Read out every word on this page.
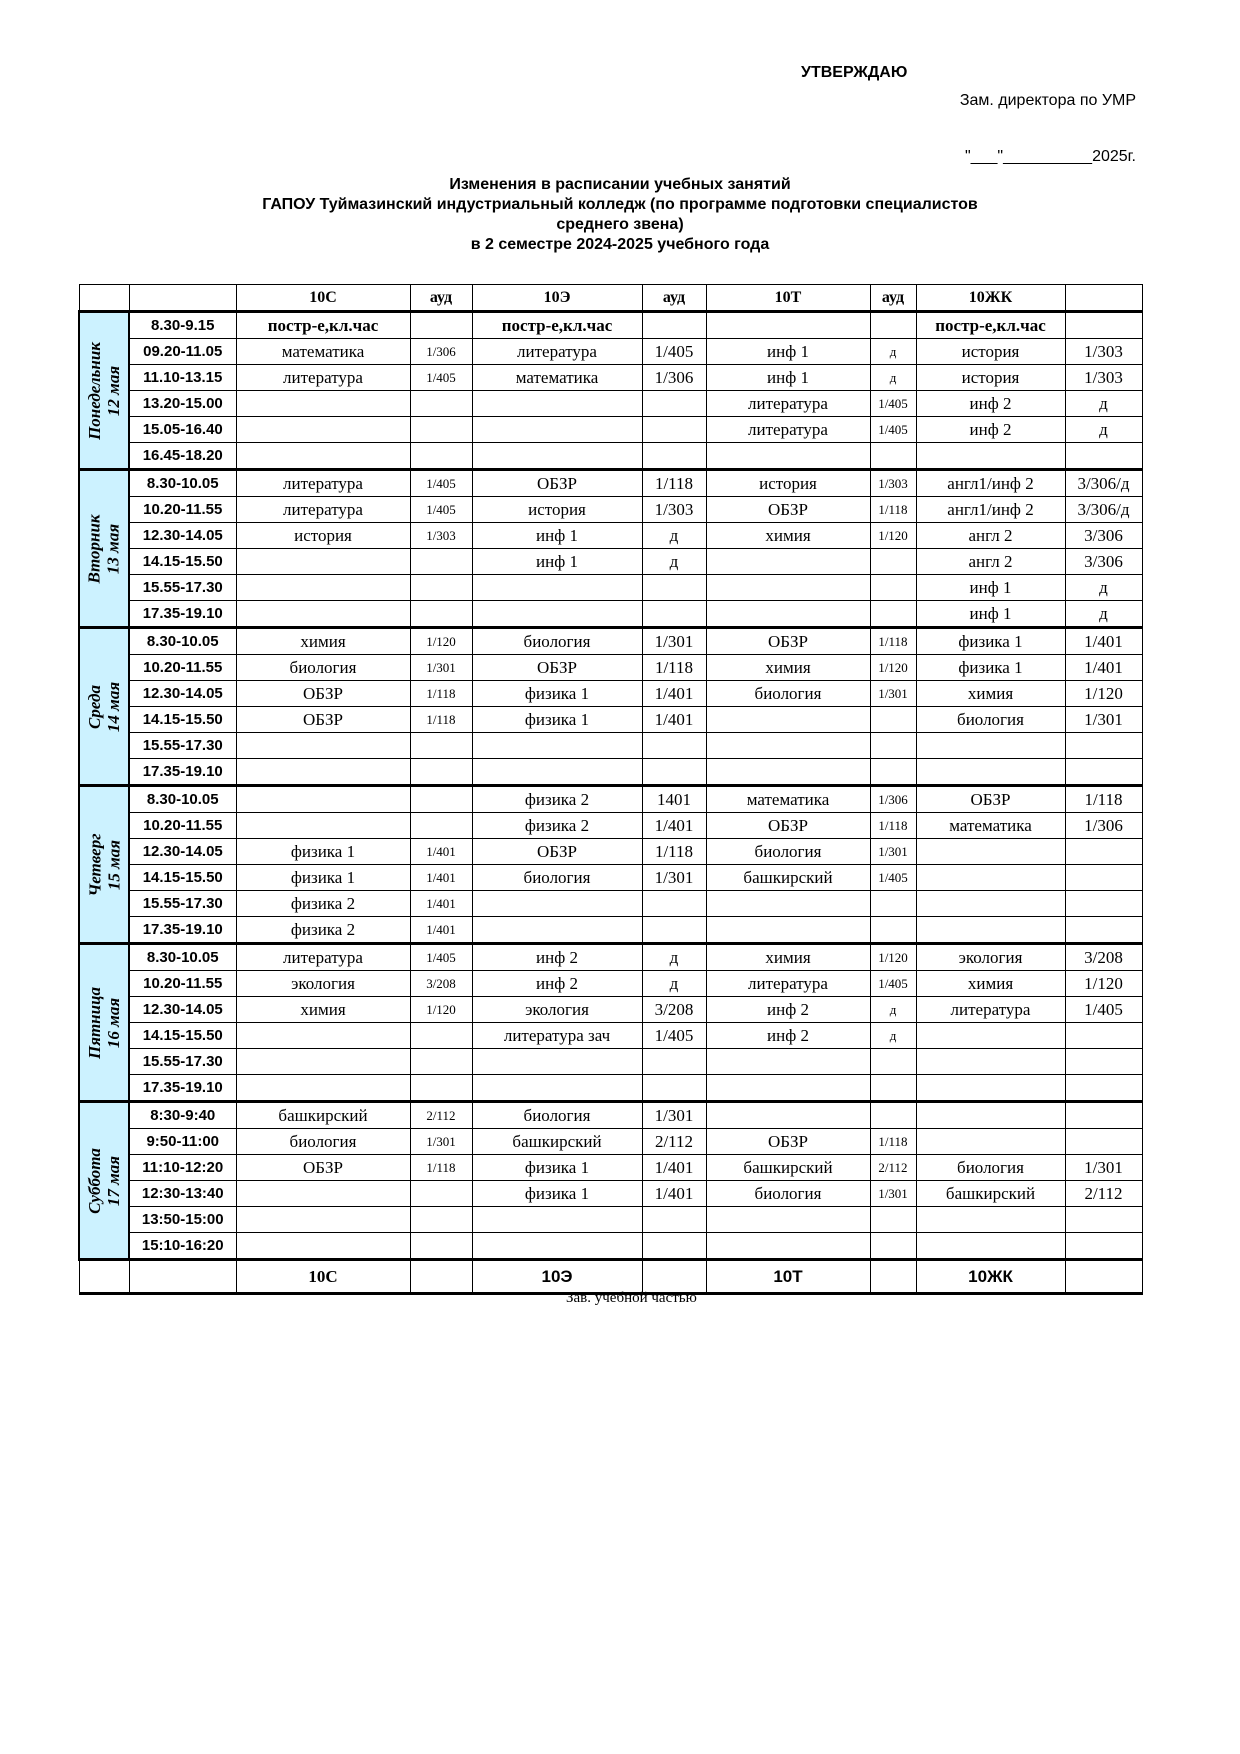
УТВЕРЖДАЮ
Зам. директора по УМР
"___"__________2025г.
Изменения в расписании учебных занятий
ГАПОУ Туймазинский индустриальный колледж (по программе подготовки специалистов
среднего звена)
в 2 семестре 2024-2025 учебного года
		10С	ауд	10Э	ауд	10Т	ауд	10ЖК	

Понедельник 12 мая	8.30-9.15	постр-е,кл.час		постр-е,кл.час				постр-е,кл.час	
	09.20-11.05	математика	1/306	литература	1/405	инф 1	д	история	1/303
	11.10-13.15	литература	1/405	математика	1/306	инф 1	д	история	1/303
	13.20-15.00					литература	1/405	инф 2	д
	15.05-16.40					литература	1/405	инф 2	д
	16.45-18.20								

Вторник 13 мая	8.30-10.05	литература	1/405	ОБЗР	1/118	история	1/303	англ1/инф 2	3/306/д
	10.20-11.55	литература	1/405	история	1/303	ОБЗР	1/118	англ1/инф 2	3/306/д
	12.30-14.05	история	1/303	инф 1	д	химия	1/120	англ 2	3/306
	14.15-15.50			инф 1	д			англ 2	3/306
	15.55-17.30							инф 1	д
	17.35-19.10							инф 1	д

Среда 14 мая	8.30-10.05	химия	1/120	биология	1/301	ОБЗР	1/118	физика 1	1/401
	10.20-11.55	биология	1/301	ОБЗР	1/118	химия	1/120	физика 1	1/401
	12.30-14.05	ОБЗР	1/118	физика 1	1/401	биология	1/301	химия	1/120
	14.15-15.50	ОБЗР	1/118	физика 1	1/401			биология	1/301
	15.55-17.30								
	17.35-19.10								

Четверг 15 мая	8.30-10.05			физика 2	1401	математика	1/306	ОБЗР	1/118
	10.20-11.55			физика 2	1/401	ОБЗР	1/118	математика	1/306
	12.30-14.05	физика 1	1/401	ОБЗР	1/118	биология	1/301		
	14.15-15.50	физика 1	1/401	биология	1/301	башкирский	1/405		
	15.55-17.30	физика 2	1/401						
	17.35-19.10	физика 2	1/401						

Пятница 16 мая	8.30-10.05	литература	1/405	инф 2	д	химия	1/120	экология	3/208
	10.20-11.55	экология	3/208	инф 2	д	литература	1/405	химия	1/120
	12.30-14.05	химия	1/120	экология	3/208	инф 2	д	литература	1/405
	14.15-15.50			литература зач	1/405	инф 2	д		
	15.55-17.30								
	17.35-19.10								

Суббота 17 мая	8:30-9:40	башкирский	2/112	биология	1/301				
	9:50-11:00	биология	1/301	башкирский	2/112	ОБЗР	1/118		
	11:10-12:20	ОБЗР	1/118	физика 1	1/401	башкирский	2/112	биология	1/301
	12:30-13:40			физика 1	1/401	биология	1/301	башкирский	2/112
	13:50-15:00								
	15:10-16:20								
		10С		10Э		10Т		10ЖК	
Зав. учебной частью
